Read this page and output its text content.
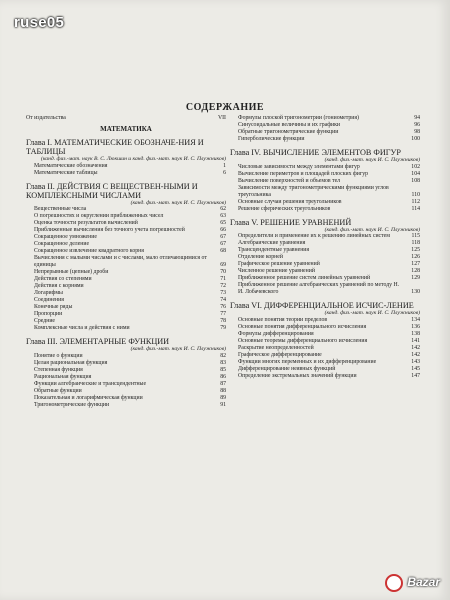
ruse05
СОДЕРЖАНИЕ
От издательства	VII
МАТЕМАТИКА
Глава I. МАТЕМАТИЧЕСКИЕ ОБОЗНАЧЕ-НИЯ И ТАБЛИЦЫ
(канд. физ.-мат. наук В. С. Люкшин и канд. физ.-мат. наук И. С. Плужников)
Математические обозначения	1
Математические таблицы	6
Глава II. ДЕЙСТВИЯ С ВЕЩЕСТВЕН-НЫМИ И КОМПЛЕКСНЫМИ ЧИСЛАМИ
(канд. физ.-мат. наук И. С. Плужников)
Вещественные числа	62
О погрешностях и округлении приближенных чисел	63
Оценка точности результатов вычислений	65
Приближенные вычисления без точного учета погрешностей	66
Сокращенное умножение	67
Сокращенное деление	67
Сокращенное извлечение квадратного корня	68
Вычисления с малыми числами и с числами, мало отличающимися от единицы	69
Непрерывные (цепные) дроби	70
Действия со степенями	71
Действия с корнями	72
Логарифмы	73
Соединения	74
Конечные ряды	76
Пропорции	77
Средние	78
Комплексные числа и действия с ними	79
Глава III. ЭЛЕМЕНТАРНЫЕ ФУНКЦИИ
(канд. физ.-мат. наук И. С. Плужников)
Понятие о функции	82
Целая рациональная функция	83
Степенная функция	85
Рациональная функция	86
Функции алгебраические и трансцендентные	87
Обратные функции	88
Показательная и логарифмическая функции	89
Тригонометрические функции	91
Формулы плоской тригонометрии (гониометрия)	94
Синусоидальные величины и их графики	96
Обратные тригонометрические функции	98
Гиперболические функции	100
Глава IV. ВЫЧИСЛЕНИЕ ЭЛЕМЕНТОВ ФИГУР
(канд. физ.-мат. наук И. С. Плужников)
Числовые зависимости между элементами фигур	102
Вычисление периметров и площадей плоских фигур	104
Вычисление поверхностей и объемов тел	108
Зависимости между тригонометрическими функциями углов треугольника	110
Основные случаи решения треугольников	112
Решение сферических треугольников	114
Глава V. РЕШЕНИЕ УРАВНЕНИЙ
(канд. физ.-мат. наук И. С. Плужников)
Определители и применение их к решению линейных систем	115
Алгебраические уравнения	118
Трансцендентные уравнения	125
Отделение корней	126
Графическое решение уравнений	127
Численное решение уравнений	128
Приближенное решение систем линейных уравнений	129
Приближенное решение алгебраических уравнений по методу Н. И. Лобачевского	130
Глава VI. ДИФФЕРЕНЦИАЛЬНОЕ ИСЧИС-ЛЕНИЕ
(канд. физ.-мат. наук И. С. Плужников)
Основные понятия теории пределов	134
Основные понятия дифференциального исчисления	136
Формулы дифференцирования	138
Основные теоремы дифференциального исчисления	141
Раскрытие неопределенностей	142
Графическое дифференцирование	142
Функции многих переменных и их дифференцирование	143
Дифференцирование неявных функций	145
Определение экстремальных значений функции	147
Bazar
